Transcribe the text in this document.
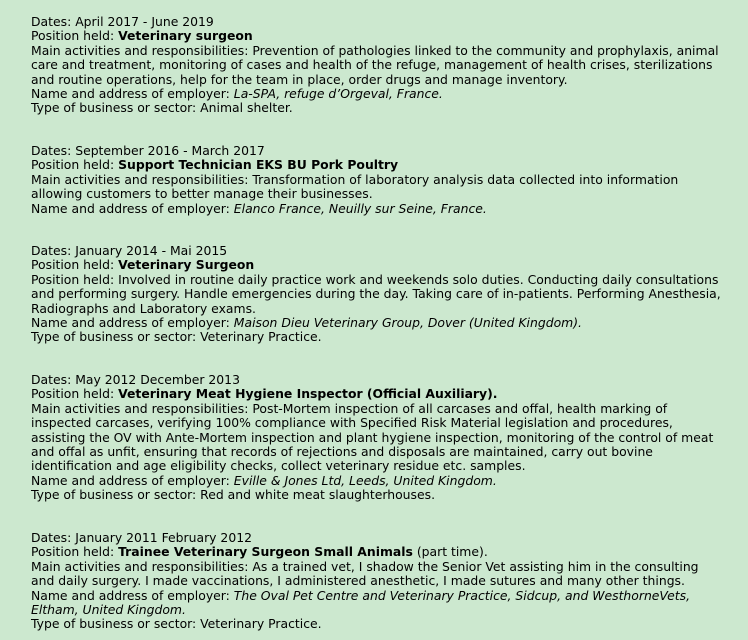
Dates: April 2017 - June 2019
Position held: Veterinary surgeon
Main activities and responsibilities: Prevention of pathologies linked to the community and prophylaxis, animal care and treatment, monitoring of cases and health of the refuge, management of health crises, sterilizations and routine operations, help for the team in place, order drugs and manage inventory.
Name and address of employer: La-SPA, refuge d’Orgeval, France.
Type of business or sector: Animal shelter.
Dates: September 2016 - March 2017
Position held: Support Technician EKS BU Pork Poultry
Main activities and responsibilities: Transformation of laboratory analysis data collected into information allowing customers to better manage their businesses.
Name and address of employer: Elanco France, Neuilly sur Seine, France.
Dates: January 2014 - Mai 2015
Position held: Veterinary Surgeon
Position held: Involved in routine daily practice work and weekends solo duties. Conducting daily consultations and performing surgery. Handle emergencies during the day. Taking care of in-patients. Performing Anesthesia, Radiographs and Laboratory exams.
Name and address of employer: Maison Dieu Veterinary Group, Dover (United Kingdom).
Type of business or sector: Veterinary Practice.
Dates: May 2012 December 2013
Position held: Veterinary Meat Hygiene Inspector (Official Auxiliary).
Main activities and responsibilities: Post-Mortem inspection of all carcases and offal, health marking of inspected carcases, verifying 100% compliance with Specified Risk Material legislation and procedures, assisting the OV with Ante-Mortem inspection and plant hygiene inspection, monitoring of the control of meat and offal as unfit, ensuring that records of rejections and disposals are maintained, carry out bovine identification and age eligibility checks, collect veterinary residue etc. samples.
Name and address of employer: Eville & Jones Ltd, Leeds, United Kingdom.
Type of business or sector: Red and white meat slaughterhouses.
Dates: January 2011 February 2012
Position held: Trainee Veterinary Surgeon Small Animals (part time).
Main activities and responsibilities: As a trained vet, I shadow the Senior Vet assisting him in the consulting and daily surgery. I made vaccinations, I administered anesthetic, I made sutures and many other things.
Name and address of employer: The Oval Pet Centre and Veterinary Practice, Sidcup, and WesthorneVets, Eltham, United Kingdom.
Type of business or sector: Veterinary Practice.
